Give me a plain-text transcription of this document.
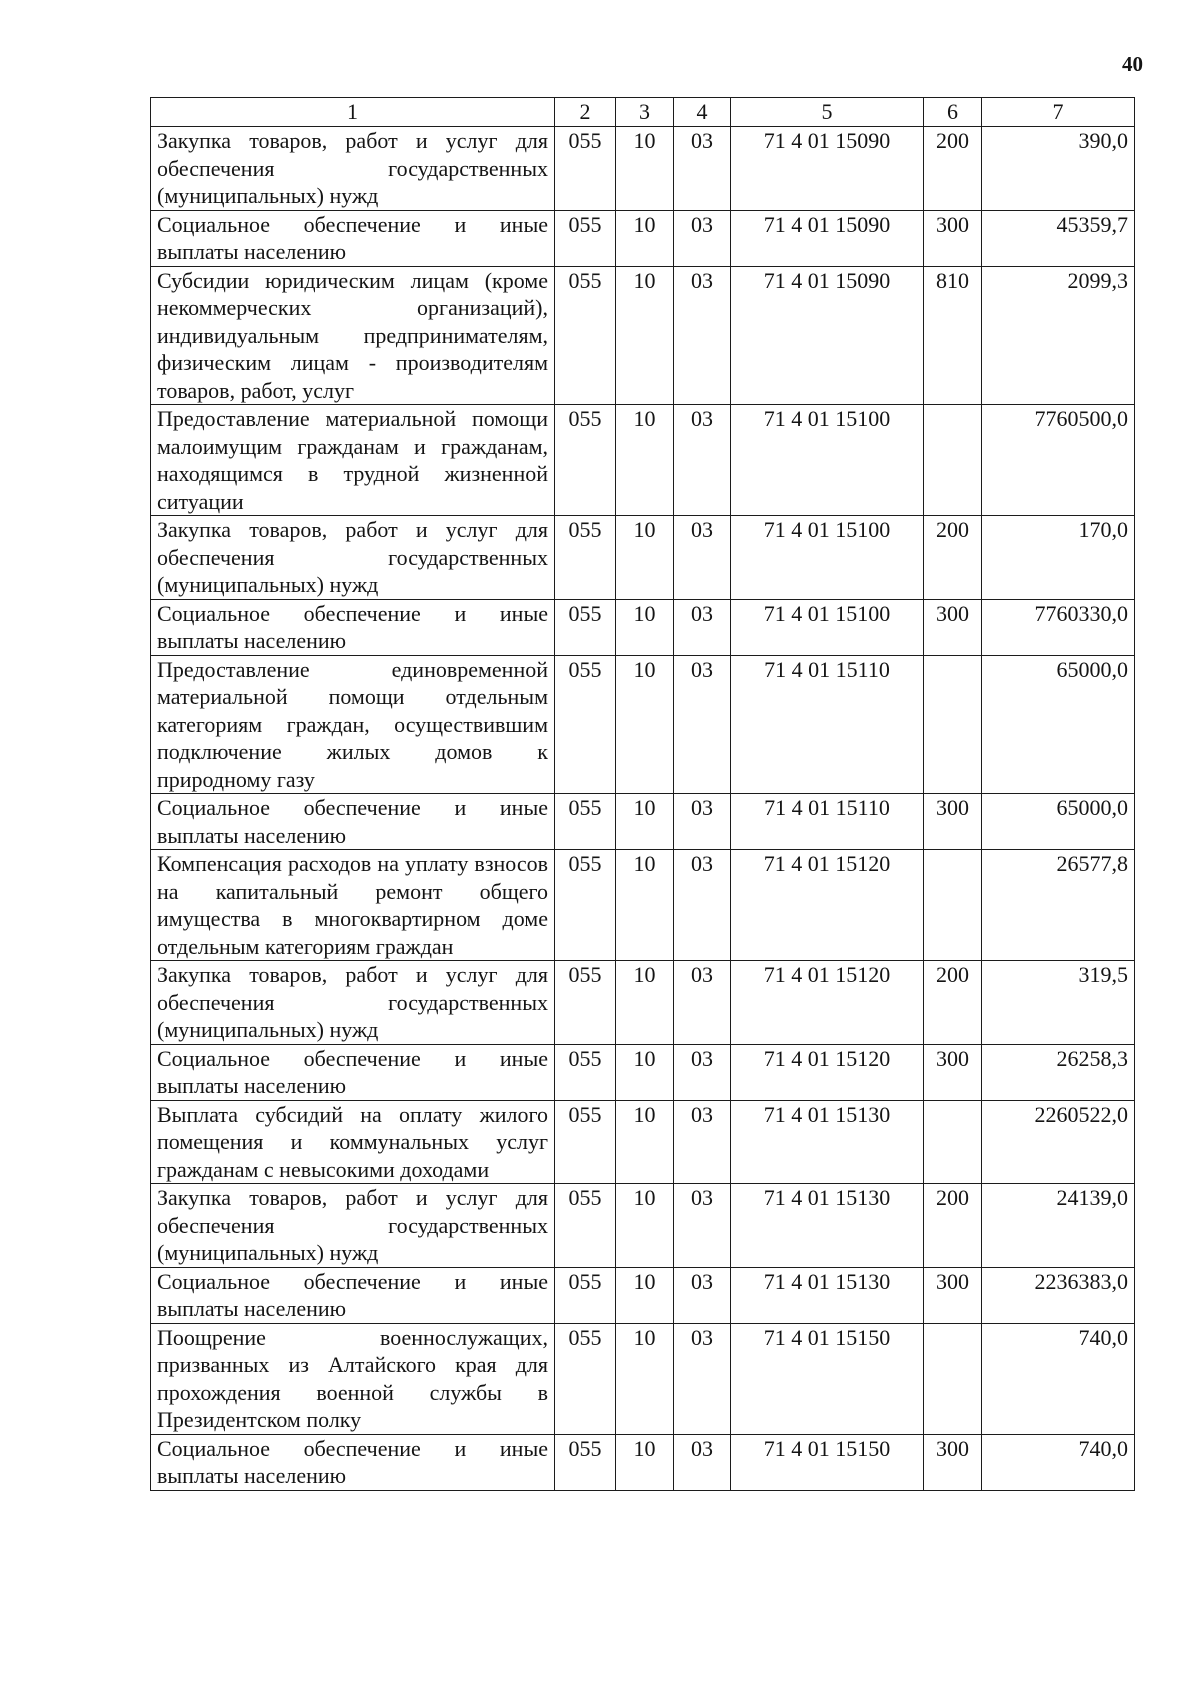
40
1	2	3	4	5	6	7
Закупка товаров, работ и услуг для обеспечения государственных (муниципальных) нужд	055	10	03	71 4 01 15090	200	390,0
Социальное обеспечение и иные выплаты населению	055	10	03	71 4 01 15090	300	45359,7
Субсидии юридическим лицам (кроме некоммерческих организаций), индивидуальным предпринимателям, физическим лицам - производителям товаров, работ, услуг	055	10	03	71 4 01 15090	810	2099,3
Предоставление материальной помощи малоимущим гражданам и гражданам, находящимся в трудной жизненной ситуации	055	10	03	71 4 01 15100		7760500,0
Закупка товаров, работ и услуг для обеспечения государственных (муниципальных) нужд	055	10	03	71 4 01 15100	200	170,0
Социальное обеспечение и иные выплаты населению	055	10	03	71 4 01 15100	300	7760330,0
Предоставление единовременной материальной помощи отдельным категориям граждан, осуществившим подключение жилых домов к природному газу	055	10	03	71 4 01 15110		65000,0
Социальное обеспечение и иные выплаты населению	055	10	03	71 4 01 15110	300	65000,0
Компенсация расходов на уплату взносов на капитальный ремонт общего имущества в многоквартирном доме отдельным категориям граждан	055	10	03	71 4 01 15120		26577,8
Закупка товаров, работ и услуг для обеспечения государственных (муниципальных) нужд	055	10	03	71 4 01 15120	200	319,5
Социальное обеспечение и иные выплаты населению	055	10	03	71 4 01 15120	300	26258,3
Выплата субсидий на оплату жилого помещения и коммунальных услуг гражданам с невысокими доходами	055	10	03	71 4 01 15130		2260522,0
Закупка товаров, работ и услуг для обеспечения государственных (муниципальных) нужд	055	10	03	71 4 01 15130	200	24139,0
Социальное обеспечение и иные выплаты населению	055	10	03	71 4 01 15130	300	2236383,0
Поощрение военнослужащих, призванных из Алтайского края для прохождения военной службы в Президентском полку	055	10	03	71 4 01 15150		740,0
Социальное обеспечение и иные выплаты населению	055	10	03	71 4 01 15150	300	740,0
